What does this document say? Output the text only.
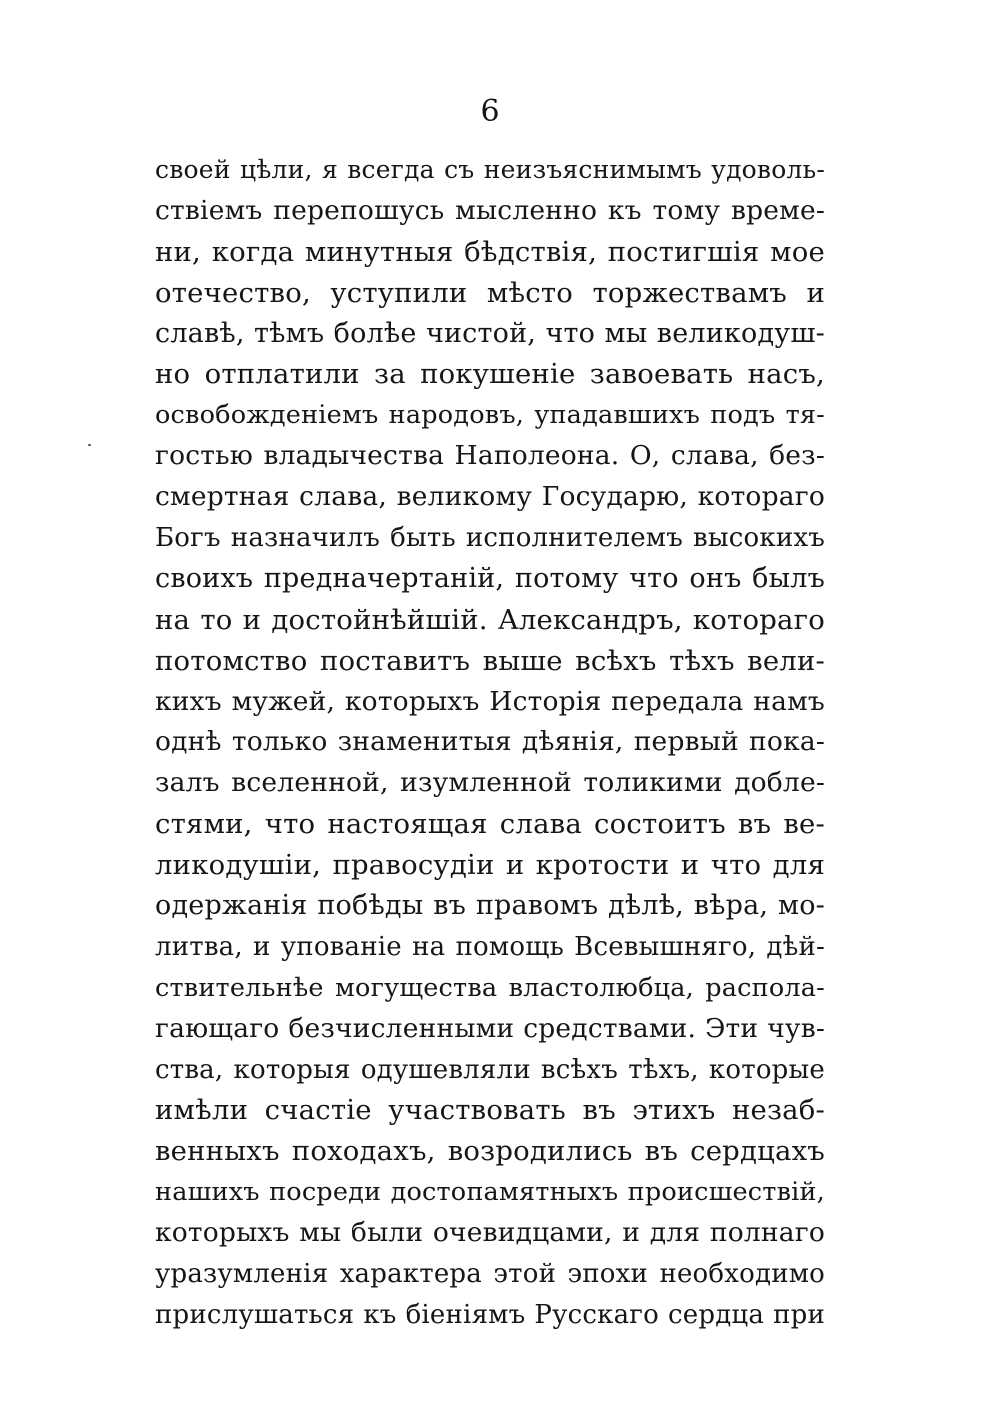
6
своей цѣли, я всегда съ неизъяснимымъ удоволь-
ствіемъ перепошусь мысленно къ тому време-
ни, когда минутныя бѣдствія, постигшія мое
отечество, уступили мѣсто торжествамъ и
славѣ, тѣмъ болѣе чистой, что мы великодуш-
но отплатили за покушеніе завоевать насъ,
освобожденіемъ народовъ, упадавшихъ подъ тя-
гостью владычества Наполеона. О, слава, без-
смертная слава, великому Государю, котораго
Богъ назначилъ быть исполнителемъ высокихъ
своихъ предначертаній, потому что онъ былъ
на то и достойнѣйшій. Александръ, котораго
потомство поставитъ выше всѣхъ тѣхъ вели-
кихъ мужей, которыхъ Исторія передала намъ
однѣ только знаменитыя дѣянія, первый пока-
залъ вселенной, изумленной толикими добле-
стями, что настоящая слава состоитъ въ ве-
ликодушіи, правосудіи и кротости и что для
одержанія побѣды въ правомъ дѣлѣ, вѣра, мо-
литва, и упованіе на помощь Всевышняго, дѣй-
ствительнѣе могущества властолюбца, распола-
гающаго безчисленными средствами. Эти чув-
ства, которыя одушевляли всѣхъ тѣхъ, которые
имѣли счастіе участвовать въ этихъ незаб-
венныхъ походахъ, возродились въ сердцахъ
нашихъ посреди достопамятныхъ происшествій,
которыхъ мы были очевидцами, и для полнаго
уразумленія характера этой эпохи необходимо
прислушаться къ біеніямъ Русскаго сердца при
